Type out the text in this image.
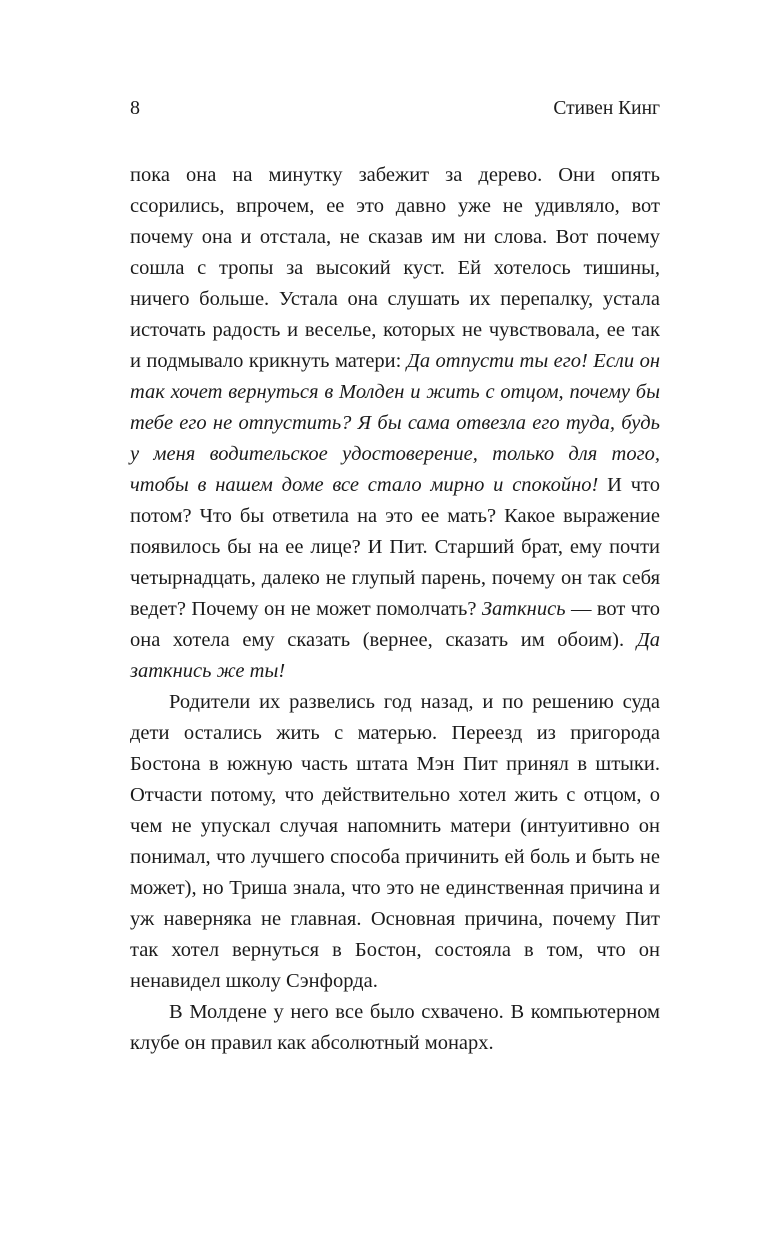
8	Стивен Кинг

пока она на минутку забежит за дерево. Они опять ссорились, впрочем, ее это давно уже не удивляло, вот почему она и отстала, не сказав им ни слова. Вот почему сошла с тропы за высокий куст. Ей хотелось тишины, ничего больше. Устала она слушать их перепалку, устала источать радость и веселье, которых не чувствовала, ее так и подмывало крикнуть матери: Да отпусти ты его! Если он так хочет вернуться в Молден и жить с отцом, почему бы тебе его не отпустить? Я бы сама отвезла его туда, будь у меня водительское удостоверение, только для того, чтобы в нашем доме все стало мирно и спокойно! И что потом? Что бы ответила на это ее мать? Какое выражение появилось бы на ее лице? И Пит. Старший брат, ему почти четырнадцать, далеко не глупый парень, почему он так себя ведет? Почему он не может помолчать? Заткнись — вот что она хотела ему сказать (вернее, сказать им обоим). Да заткнись же ты!

Родители их развелись год назад, и по решению суда дети остались жить с матерью. Переезд из пригорода Бостона в южную часть штата Мэн Пит принял в штыки. Отчасти потому, что действительно хотел жить с отцом, о чем не упускал случая напомнить матери (интуитивно он понимал, что лучшего способа причинить ей боль и быть не может), но Триша знала, что это не единственная причина и уж наверняка не главная. Основная причина, почему Пит так хотел вернуться в Бостон, состояла в том, что он ненавидел школу Сэнфорда.

В Молдене у него все было схвачено. В компьютерном клубе он правил как абсолютный монарх.
